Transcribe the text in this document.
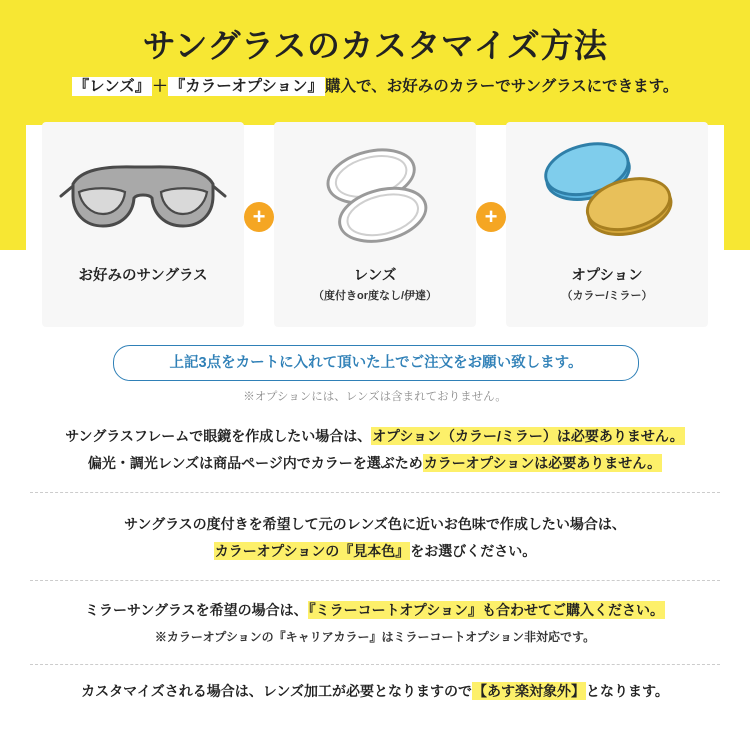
サングラスのカスタマイズ方法
『レンズ』 ＋ 『カラーオプション』 購入で、お好みのカラーでサングラスにできます。
お好みのサングラス
+
レンズ
（度付きor度なし/伊達）
+
オプション
（カラー/ミラー）
上記3点をカートに入れて頂いた上でご注文をお願い致します。
※オプションには、レンズは含まれておりません。
サングラスフレームで眼鏡を作成したい場合は、オプション（カラー/ミラー）は必要ありません。
偏光・調光レンズは商品ページ内でカラーを選ぶためカラーオプションは必要ありません。
サングラスの度付きを希望して元のレンズ色に近いお色味で作成したい場合は、
カラーオプションの『見本色』をお選びください。
ミラーサングラスを希望の場合は、『ミラーコートオプション』も合わせてご購入ください。
※カラーオプションの『キャリアカラー』はミラーコートオプション非対応です。
カスタマイズされる場合は、レンズ加工が必要となりますので【あす楽対象外】となります。
